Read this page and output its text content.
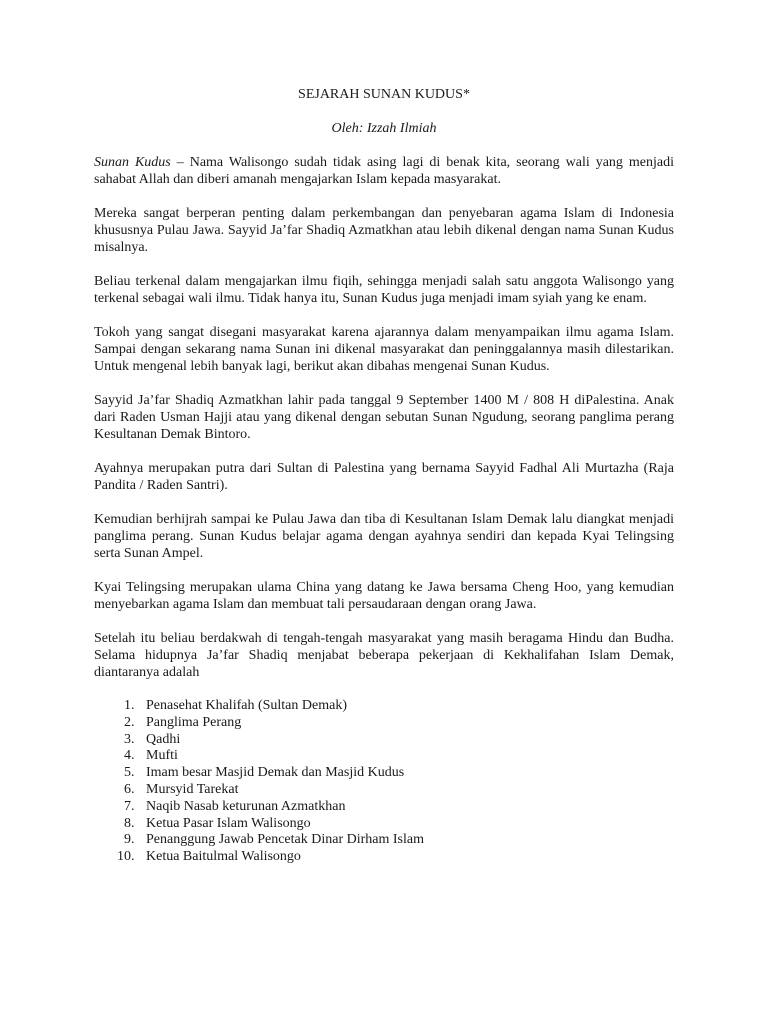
SEJARAH SUNAN KUDUS*
Oleh: Izzah Ilmiah

Sunan Kudus – Nama Walisongo sudah tidak asing lagi di benak kita, seorang wali yang menjadi sahabat Allah dan diberi amanah mengajarkan Islam kepada masyarakat.

Mereka sangat berperan penting dalam perkembangan dan penyebaran agama Islam di Indonesia khususnya Pulau Jawa. Sayyid Ja’far Shadiq Azmatkhan atau lebih dikenal dengan nama Sunan Kudus misalnya.

Beliau terkenal dalam mengajarkan ilmu fiqih, sehingga menjadi salah satu anggota Walisongo yang terkenal sebagai wali ilmu. Tidak hanya itu, Sunan Kudus juga menjadi imam syiah yang ke enam.

Tokoh yang sangat disegani masyarakat karena ajarannya dalam menyampaikan ilmu agama Islam. Sampai dengan sekarang nama Sunan ini dikenal masyarakat dan peninggalannya masih dilestarikan. Untuk mengenal lebih banyak lagi, berikut akan dibahas mengenai Sunan Kudus.

Sayyid Ja’far Shadiq Azmatkhan lahir pada tanggal 9 September 1400 M / 808 H diPalestina. Anak dari Raden Usman Hajji atau yang dikenal dengan sebutan Sunan Ngudung, seorang panglima perang Kesultanan Demak Bintoro.

Ayahnya merupakan putra dari Sultan di Palestina yang bernama Sayyid Fadhal Ali Murtazha (Raja Pandita / Raden Santri).

Kemudian berhijrah sampai ke Pulau Jawa dan tiba di Kesultanan Islam Demak lalu diangkat menjadi panglima perang. Sunan Kudus belajar agama dengan ayahnya sendiri dan kepada Kyai Telingsing serta Sunan Ampel.

Kyai Telingsing merupakan ulama China yang datang ke Jawa bersama Cheng Hoo, yang kemudian menyebarkan agama Islam dan membuat tali persaudaraan dengan orang Jawa.

Setelah itu beliau berdakwah di tengah-tengah masyarakat yang masih beragama Hindu dan Budha. Selama hidupnya Ja’far Shadiq menjabat beberapa pekerjaan di Kekhalifahan Islam Demak, diantaranya adalah

1. Penasehat Khalifah (Sultan Demak)
2. Panglima Perang
3. Qadhi
4. Mufti
5. Imam besar Masjid Demak dan Masjid Kudus
6. Mursyid Tarekat
7. Naqib Nasab keturunan Azmatkhan
8. Ketua Pasar Islam Walisongo
9. Penanggung Jawab Pencetak Dinar Dirham Islam
10. Ketua Baitulmal Walisongo
